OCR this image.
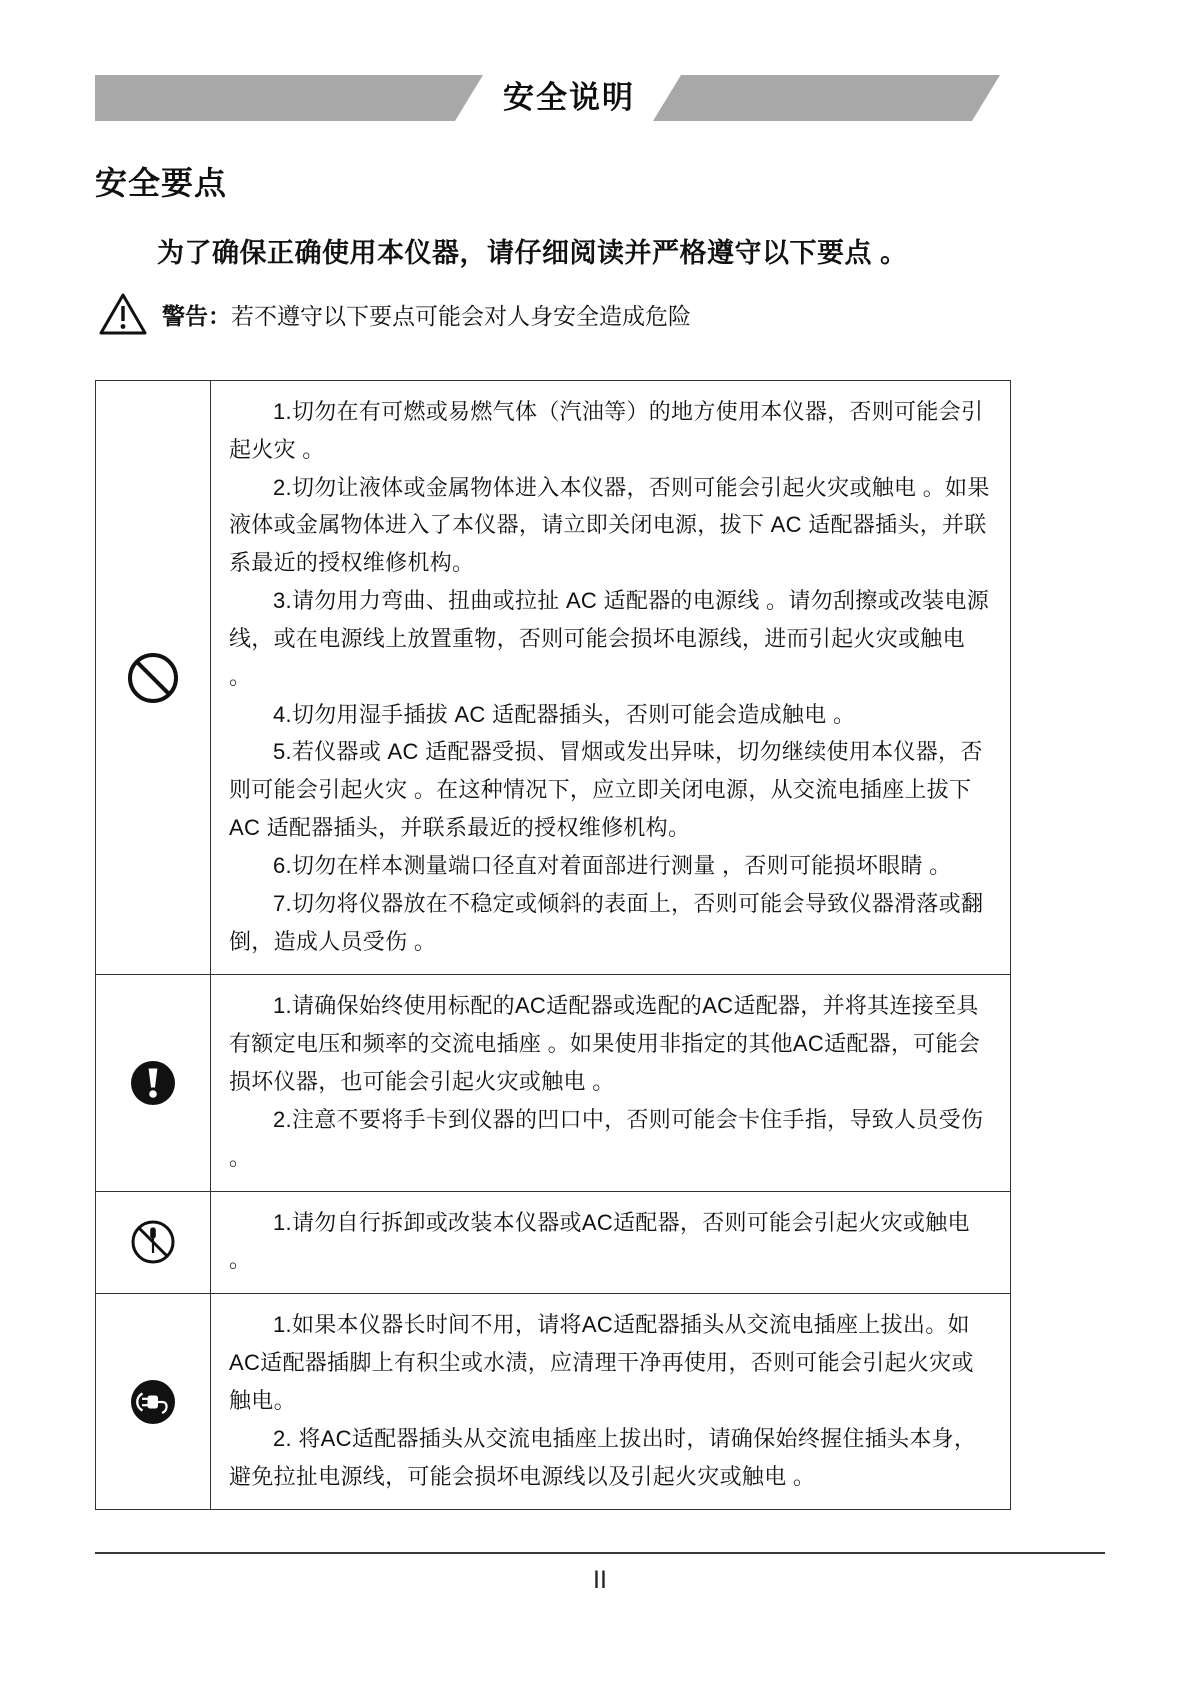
安全说明
安全要点

为了确保正确使用本仪器，请仔细阅读并严格遵守以下要点 。

警告： 若不遵守以下要点可能会对人身安全造成危险

1.切勿在有可燃或易燃气体（汽油等）的地方使用本仪器，否则可能会引起火灾 。

2.切勿让液体或金属物体进入本仪器，否则可能会引起火灾或触电 。如果液体或金属物体进入了本仪器，请立即关闭电源，拔下 AC 适配器插头，并联系最近的授权维修机构。

3.请勿用力弯曲、扭曲或拉扯 AC 适配器的电源线 。请勿刮擦或改装电源线，或在电源线上放置重物，否则可能会损坏电源线，进而引起火灾或触电 。

4.切勿用湿手插拔 AC 适配器插头，否则可能会造成触电 。

5.若仪器或 AC 适配器受损、冒烟或发出异味，切勿继续使用本仪器，否则可能会引起火灾 。在这种情况下，应立即关闭电源，从交流电插座上拔下 AC 适配器插头，并联系最近的授权维修机构。

6.切勿在样本测量端口径直对着面部进行测量 ，否则可能损坏眼睛 。

7.切勿将仪器放在不稳定或倾斜的表面上，否则可能会导致仪器滑落或翻倒，造成人员受伤 。

1.请确保始终使用标配的AC适配器或选配的AC适配器，并将其连接至具有额定电压和频率的交流电插座 。如果使用非指定的其他AC适配器，可能会损坏仪器，也可能会引起火灾或触电 。

2.注意不要将手卡到仪器的凹口中，否则可能会卡住手指，导致人员受伤 。

1.请勿自行拆卸或改装本仪器或AC适配器，否则可能会引起火灾或触电 。

1.如果本仪器长时间不用，请将AC适配器插头从交流电插座上拔出。如AC适配器插脚上有积尘或水渍，应清理干净再使用，否则可能会引起火灾或触电。

2. 将AC适配器插头从交流电插座上拔出时，请确保始终握住插头本身，避免拉扯电源线，可能会损坏电源线以及引起火灾或触电 。

II
